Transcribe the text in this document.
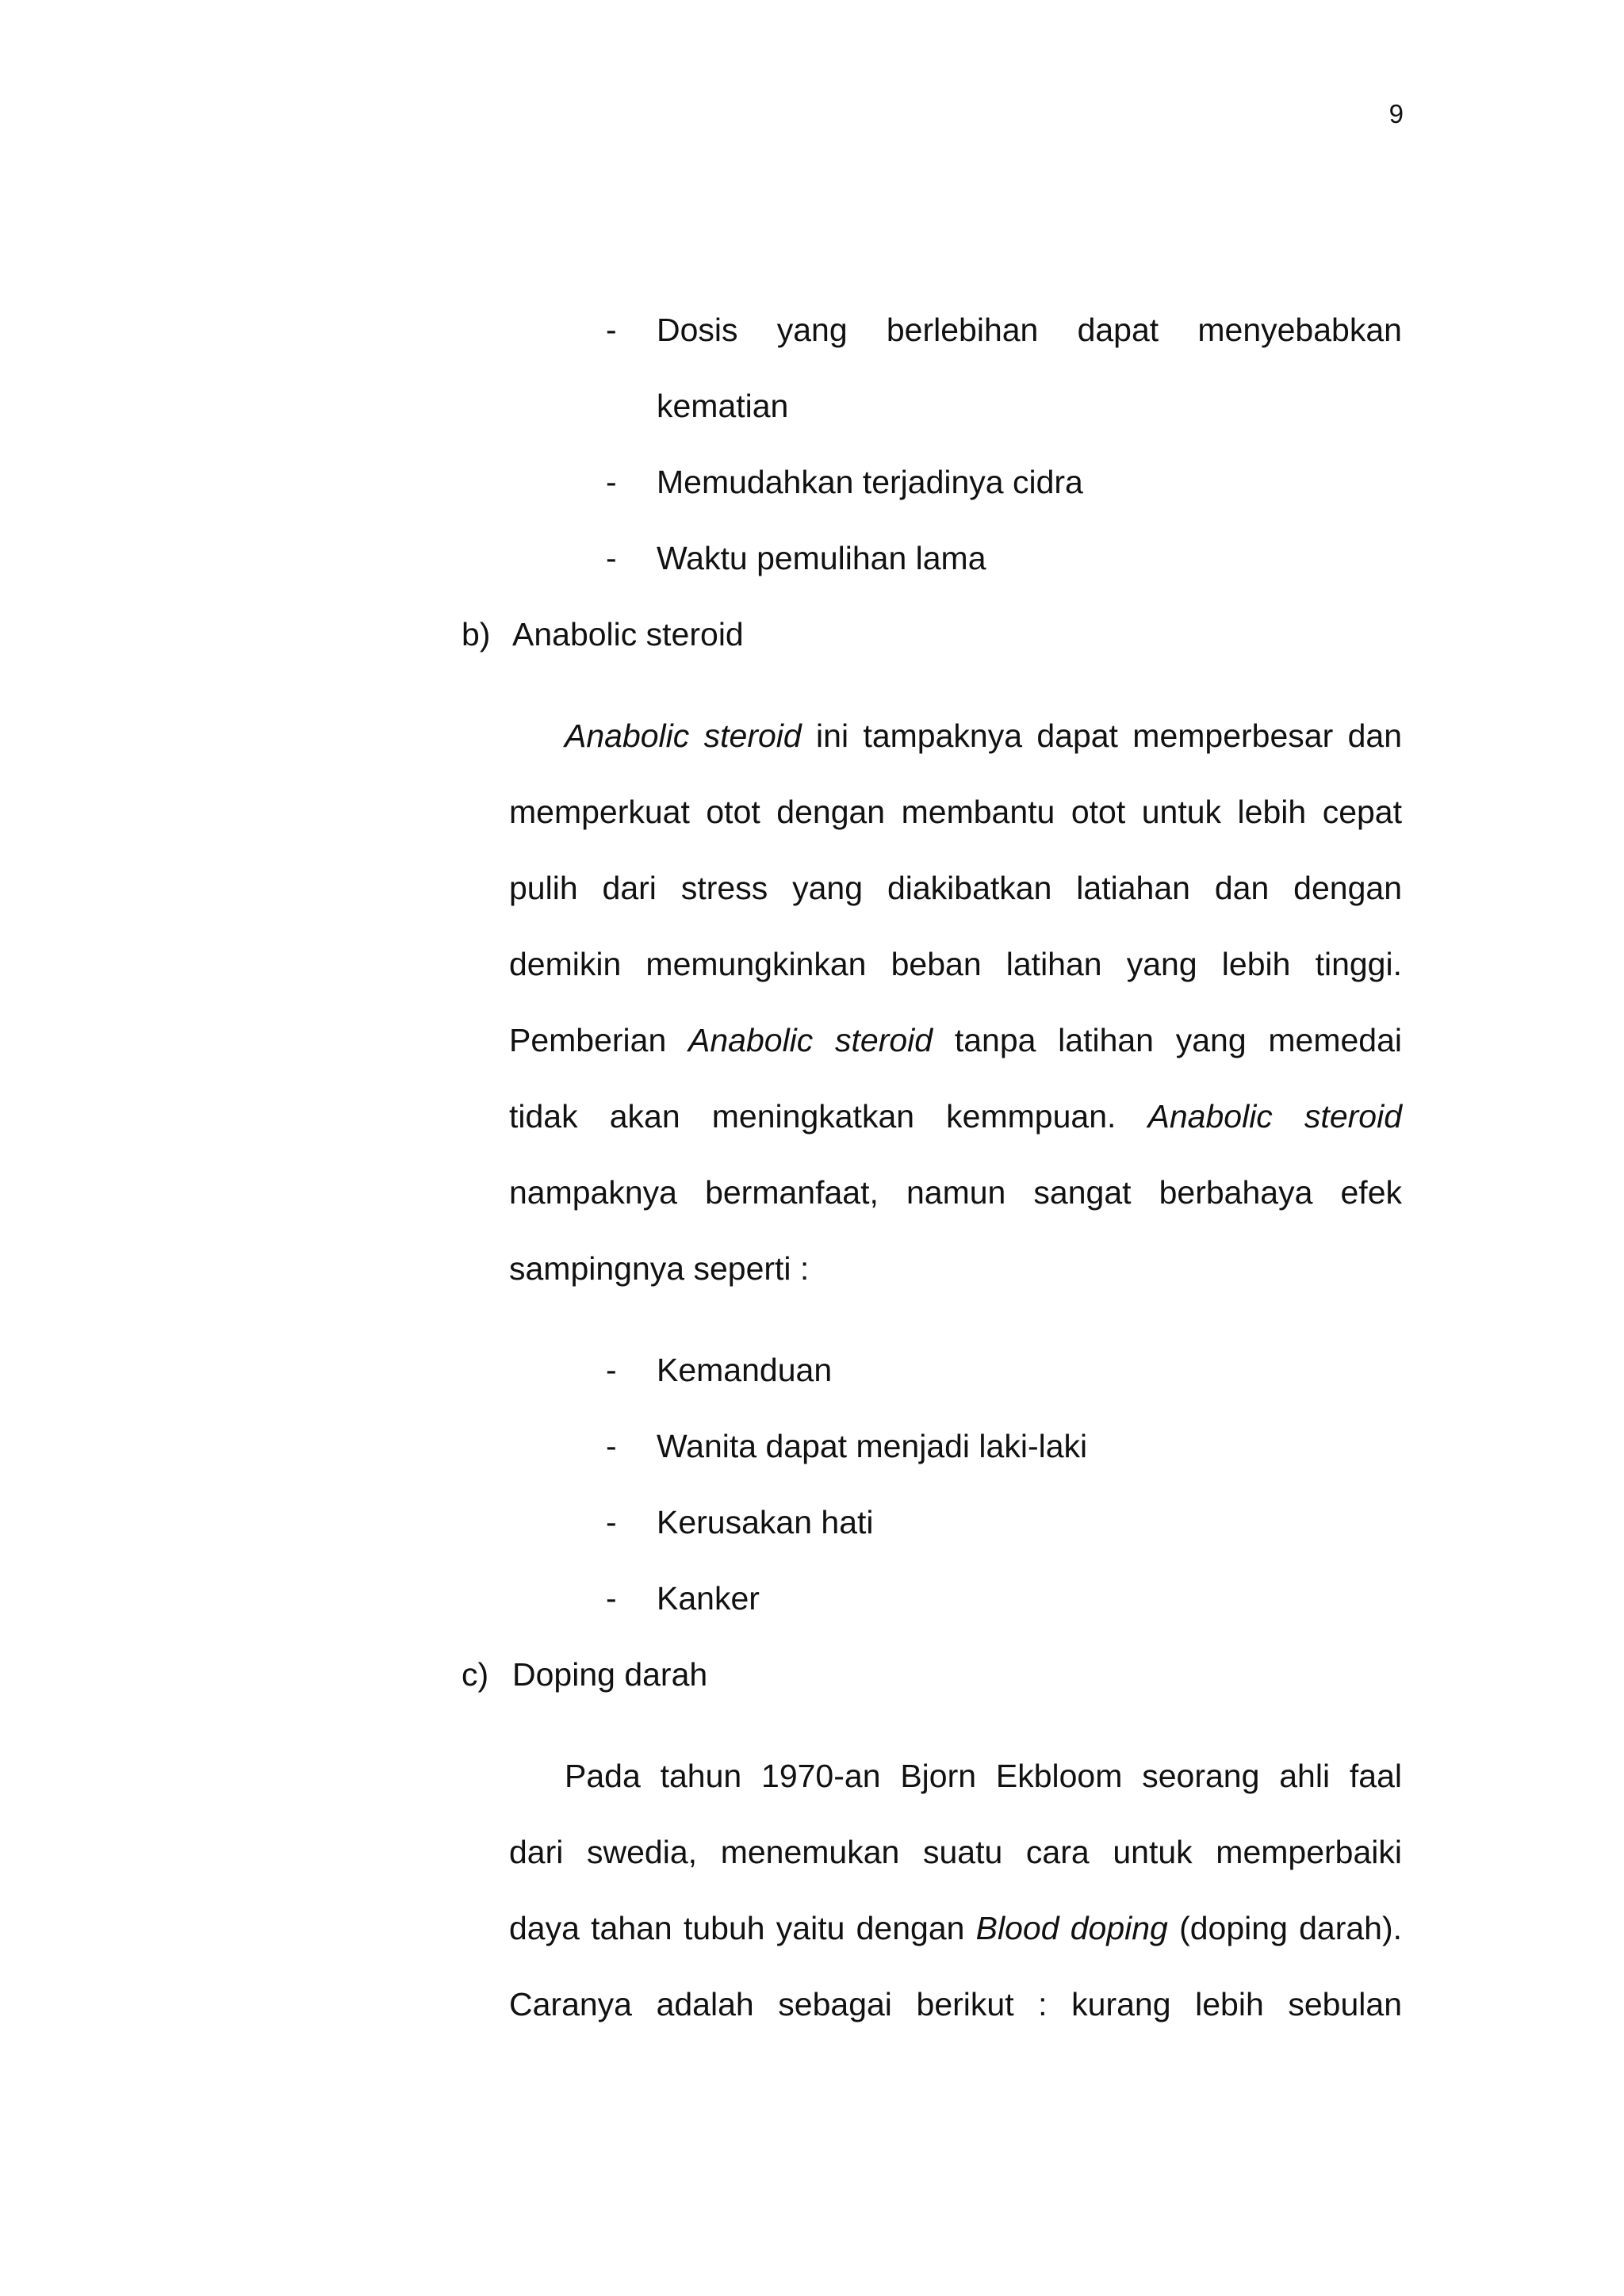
9
- Dosis yang berlebihan dapat menyebabkan
kematian
- Memudahkan terjadinya cidra
- Waktu pemulihan lama
b) Anabolic steroid
Anabolic steroid ini tampaknya dapat memperbesar dan
memperkuat otot dengan membantu otot untuk lebih cepat
pulih dari stress yang diakibatkan latiahan dan dengan
demikin memungkinkan beban latihan yang lebih tinggi.
Pemberian Anabolic steroid tanpa latihan yang memedai
tidak akan meningkatkan kemmpuan. Anabolic steroid
nampaknya bermanfaat, namun sangat berbahaya efek
sampingnya seperti :
- Kemanduan
- Wanita dapat menjadi laki-laki
- Kerusakan hati
- Kanker
c) Doping darah
Pada tahun 1970-an Bjorn Ekbloom seorang ahli faal
dari swedia, menemukan suatu cara untuk memperbaiki
daya tahan tubuh yaitu dengan Blood doping (doping darah).
Caranya adalah sebagai berikut : kurang lebih sebulan
